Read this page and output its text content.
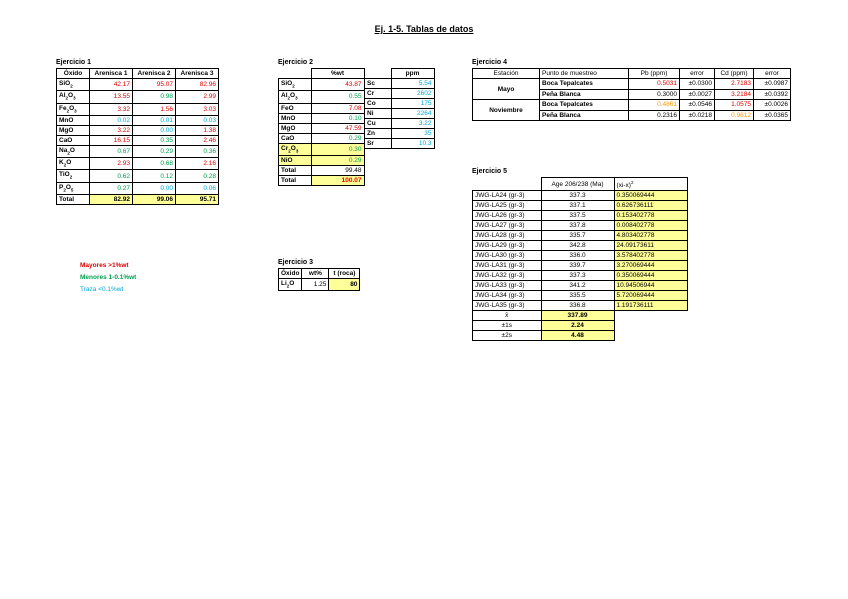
Ej. 1-5. Tablas de datos
Ejercicio 1
Óxido	Arenisca 1	Arenisca 2	Arenisca 3
SiO$_2$	42.17	95.07	82.96
$Al_2O_3$	13.55	0.98	2.99
$Fe_2O_3$	3.32	1.56	3.03
MnO	0.02	0.01	0.03
MgO	3.22	0.00	1.38
CaO	16.15	0.35	2.46
$Na_2O$	0.67	0.29	0.36
$K_2O$	2.93	0.68	2.16
TiO$_2$	0.62	0.12	0.28
$P_2O_5$	0.27	0.00	0.06
Total	82.92	99.06	95.71
Mayores >1%wt
Menores 1-0.1%wt
Traza <0.1%wt
Ejercicio 2
	%wt
SiO$_2$	43.87
$Al_2O_3$	0.55
FeO	7.08
MnO	0.10
MgO	47.59
CaO	0.29
$Cr_2O_3$	0.30
NiO	0.29
Total	99.48
Total	100.07
	ppm
Sc	5.54
Cr	2602
Co	175
Ni	2264
Cu	3.22
Zn	35
Sr	10.3
Ejercicio 3
Óxido	wt%	t (roca)
$Li_2O$	1.25	80
Ejercicio 4
Estación	Punto de muestreo	Pb (ppm)	error	Cd (ppm)	error
Mayo	Boca Tepalcates	0.5031	±0.0300	2.7183	±0.0987
	Peña Blanca	0.3000	±0.0027	3.2184	±0.0392
Noviembre	Boca Tepalcates	0.4861	±0.0546	1.0575	±0.0026
	Peña Blanca	0.2316	±0.0218	0.9612	±0.0365
Ejercicio 5
	Age 206/238 (Ma)	$(xi-x)^2$
JWG-LA24 (gr-3)	337.3	0.350069444
JWG-LA25 (gr-3)	337.1	0.626736111
JWG-LA26 (gr-3)	337.5	0.153402778
JWG-LA27 (gr-3)	337.8	0.008402778
JWG-LA28 (gr-3)	335.7	4.803402778
JWG-LA29 (gr-3)	342.8	24.09173611
JWG-LA30 (gr-3)	336.0	3.578402778
JWG-LA31 (gr-3)	339.7	3.270069444
JWG-LA32 (gr-3)	337.3	0.350069444
JWG-LA33 (gr-3)	341.2	10.94506944
JWG-LA34 (gr-3)	335.5	5.720069444
JWG-LA35 (gr-3)	336.8	1.191736111
x̄	337.89	
±1s	2.24	
±2s	4.48	
